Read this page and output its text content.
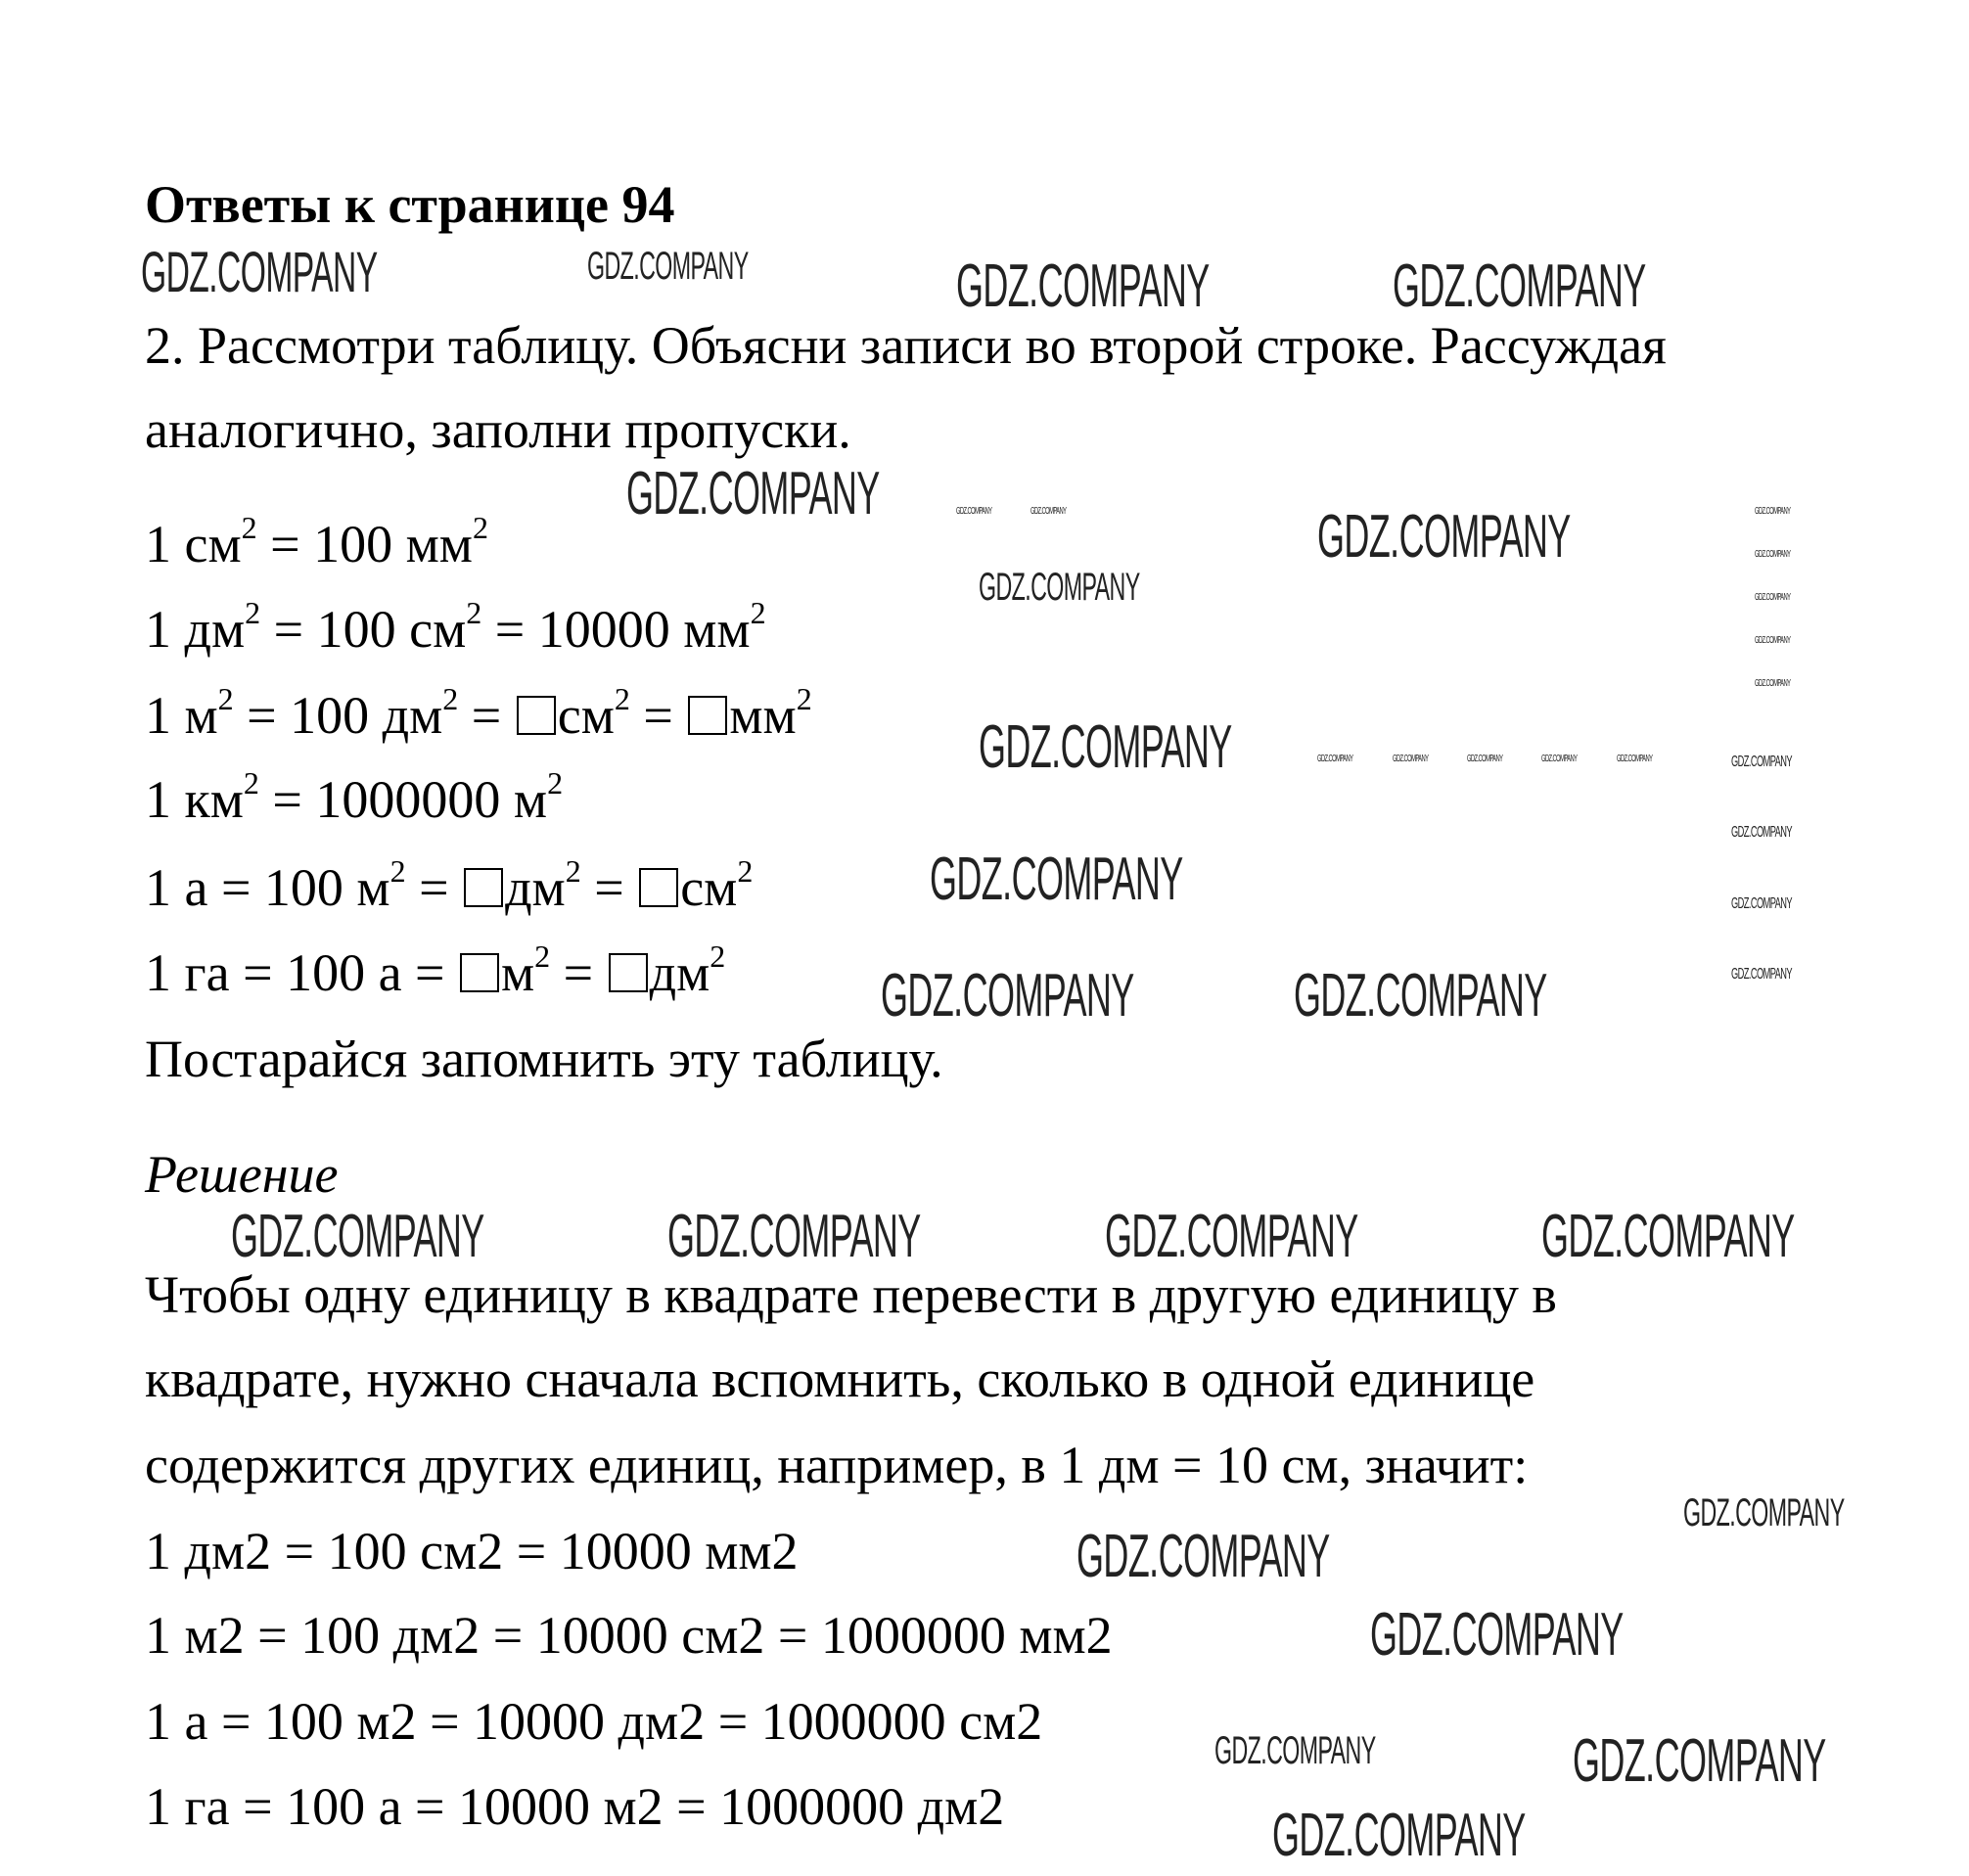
Ответы к странице 94
2. Рассмотри таблицу. Объясни записи во второй строке. Рассуждая
аналогично, заполни пропуски.
1 $см^2 = 100$ $мм^2$
1 $дм^2 = 100$ $см^2 = 10000$ $мм^2$
1 $м^2 = 100$ $дм^2 = см^2 = мм^2$
1 $км^2 = 1000000$ $м^2$
1 а = 100 $м^2 = дм^2 = см^2$
1 га = 100 $а = м^2 = дм^2$
Постарайся запомнить эту таблицу.
Решение
Чтобы одну единицу в квадрате перевести в другую единицу в
квадрате, нужно сначала вспомнить, сколько в одной единице
содержится других единиц, например, в 1 дм = 10 см, значит:
1 дм2 = 100 см2 = 10000 мм2
1 м2 = 100 дм2 = 10000 см2 = 1000000 мм2
1 а = 100 м2 = 10000 дм2 = 1000000 см2
1 га = 100 а = 10000 м2 = 1000000 дм2
GDZ.COMPANY	GDZ.COMPANY	GDZ.COMPANY	GDZ.COMPANY
GDZ.COMPANY
GDZ.COMPANY
GDZ.COMPANY
GDZ.COMPANY
GDZ.COMPANY
GDZ.COMPANY	GDZ.COMPANY
GDZ.COMPANY	GDZ.COMPANY	GDZ.COMPANY	GDZ.COMPANY
GDZ.COMPANY
GDZ.COMPANY
GDZ.COMPANY
GDZ.COMPANY
GDZ.COMPANY	GDZ.COMPANY
GDZ.COMPANY	GDZ.COMPANY	GDZ.COMPANY
GDZ.COMPANY
GDZ.COMPANY
GDZ.COMPANY
GDZ.COMPANY
GDZ.COMPANY	GDZ.COMPANY	GDZ.COMPANY	GDZ.COMPANY	GDZ.COMPANY	GDZ.COMPANY
GDZ.COMPANY
GDZ.COMPANY
GDZ.COMPANY
